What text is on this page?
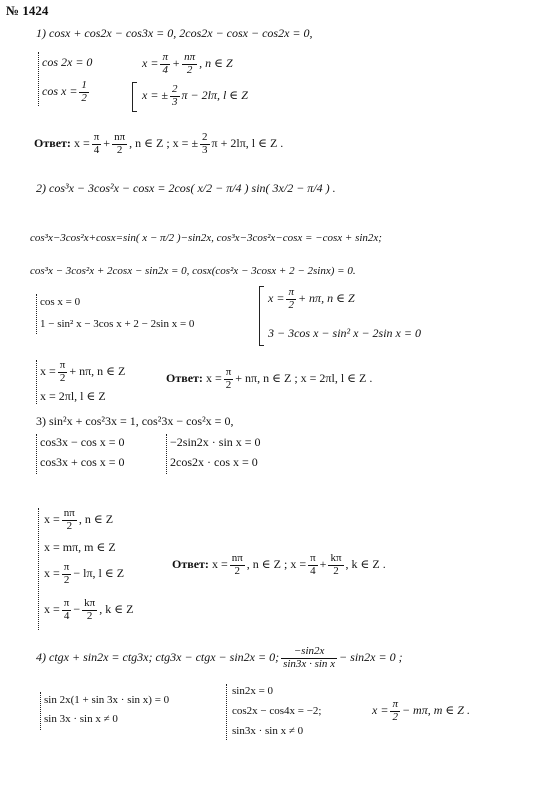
№ 1424
1) cosx + cos2x − cos3x = 0, 2cos2x − cosx − cos2x = 0,
cos 2x = 0
$\cos x = \frac{1}{2}$
$x = \frac{\pi}{4} + \frac{n\pi}{2}$ , n ∈ Z
x = ± $\frac{2}{3}$ π − 2lπ, l ∈ Z
Ответ: $x = \frac{\pi}{4} + \frac{n\pi}{2}$ , n ∈ Z ; x = ± $\frac{2}{3}$ π + 2lπ, l ∈ Z .
2) cos³x − 3cos²x − cosx = 2cos( x/2 − π/4 ) sin( 3x/2 − π/4 ) .
cos³x−3cos²x+cosx=sin( x − π/2 )−sin2x, cos³x−3cos²x−cosx = −cosx + sin2x;
cos³x − 3cos²x + 2cosx − sin2x = 0, cosx(cos²x − 3cosx + 2 − 2sinx) = 0.
cos x = 0
1 − sin² x − 3cos x + 2 − 2sin x = 0
$x = \frac{\pi}{2} + n\pi$, n ∈ Z
3 − 3cos x − sin² x − 2sin x = 0
$x = \frac{\pi}{2} + n\pi$, n ∈ Z
x = 2πl, l ∈ Z
Ответ: $x = \frac{\pi}{2} + n\pi$, n ∈ Z ; x = 2πl, l ∈ Z .
3) sin²x + cos²3x = 1, cos²3x − cos²x = 0,
cos3x − cos x = 0
cos3x + cos x = 0
−2sin2x · sin x = 0
2cos2x · cos x = 0
$x = \frac{n\pi}{2}$ , n ∈ Z
x = mπ, m ∈ Z
$x = \frac{\pi}{2} - l\pi$, l ∈ Z
$x = \frac{\pi}{4} - \frac{k\pi}{2}$ , k ∈ Z
Ответ: $x = \frac{n\pi}{2}$ , n ∈ Z ; $x = \frac{\pi}{4} + \frac{k\pi}{2}$ , k ∈ Z .
4) ctgx + sin2x = ctg3x; ctg3x − ctgx − sin2x = 0; $\frac{-\sin 2x}{\text{sin3x · sin x}} - \sin 2x = 0$ ;
sin 2x(1 + sin 3x · sin x) = 0
sin 3x · sin x ≠ 0
sin2x = 0
cos2x − cos4x = −2;
sin3x · sin x ≠ 0
$x = \frac{\pi}{2} - m\pi$, m ∈ Z .
